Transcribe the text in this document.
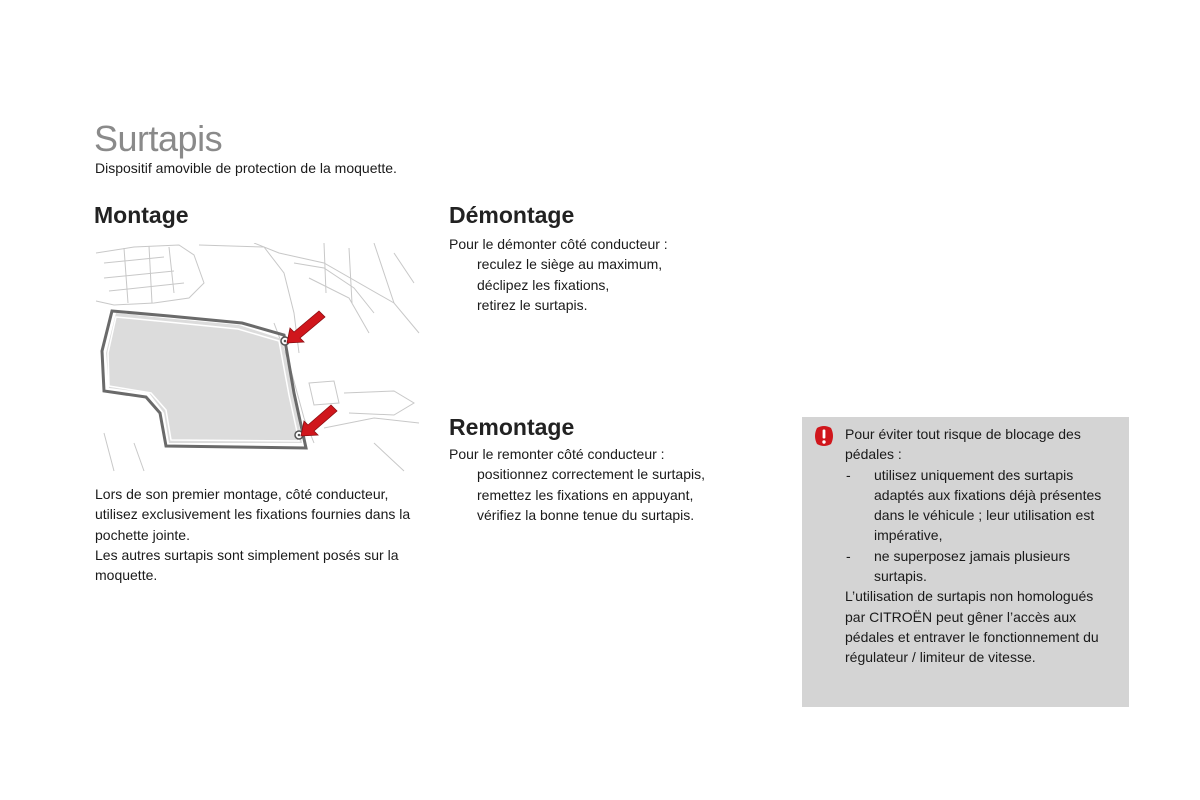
Surtapis

Dispositif amovible de protection de la moquette.

Montage

Lors de son premier montage, côté conducteur, utilisez exclusivement les fixations fournies dans la pochette jointe.

Les autres surtapis sont simplement posés sur la moquette.

Démontage

Pour le démonter côté conducteur :

reculez le siège au maximum,
déclipez les fixations,
retirez le surtapis.
Remontage

Pour le remonter côté conducteur :

positionnez correctement le surtapis,
remettez les fixations en appuyant,
vérifiez la bonne tenue du surtapis.

Pour éviter tout risque de blocage des pédales :

- utilisez uniquement des surtapis adaptés aux fixations déjà présentes dans le véhicule ; leur utilisation est impérative,
- ne superposez jamais plusieurs surtapis.

L’utilisation de surtapis non homologués par CITROËN peut gêner l’accès aux pédales et entraver le fonctionnement du régulateur / limiteur de vitesse.
